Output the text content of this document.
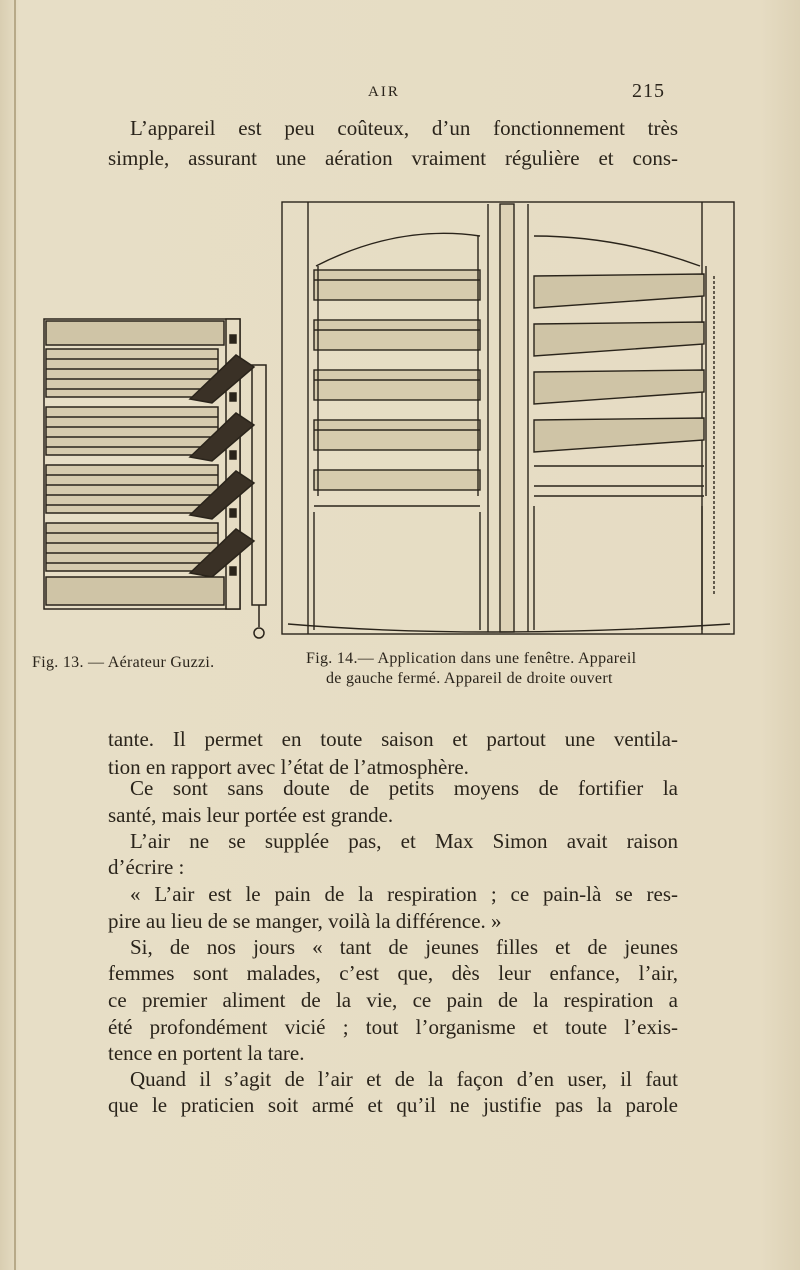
AIR	215
L’appareil est peu coûteux, d’un fonctionnement très
simple, assurant une aération vraiment régulière et cons-
Fig. 13. — Aérateur Guzzi.	Fig. 14.— Application dans une fenêtre. Appareil
de gauche fermé. Appareil de droite ouvert
tante. Il permet en toute saison et partout une ventila-
tion en rapport avec l’état de l’atmosphère.
Ce sont sans doute de petits moyens de fortifier la
santé, mais leur portée est grande.
L’air ne se supplée pas, et Max Simon avait raison
d’écrire :
« L’air est le pain de la respiration ; ce pain-là se res-
pire au lieu de se manger, voilà la différence. »
Si, de nos jours « tant de jeunes filles et de jeunes
femmes sont malades, c’est que, dès leur enfance, l’air,
ce premier aliment de la vie, ce pain de la respiration a
été profondément vicié ; tout l’organisme et toute l’exis-
tence en portent la tare.
Quand il s’agit de l’air et de la façon d’en user, il faut
que le praticien soit armé et qu’il ne justifie pas la parole
